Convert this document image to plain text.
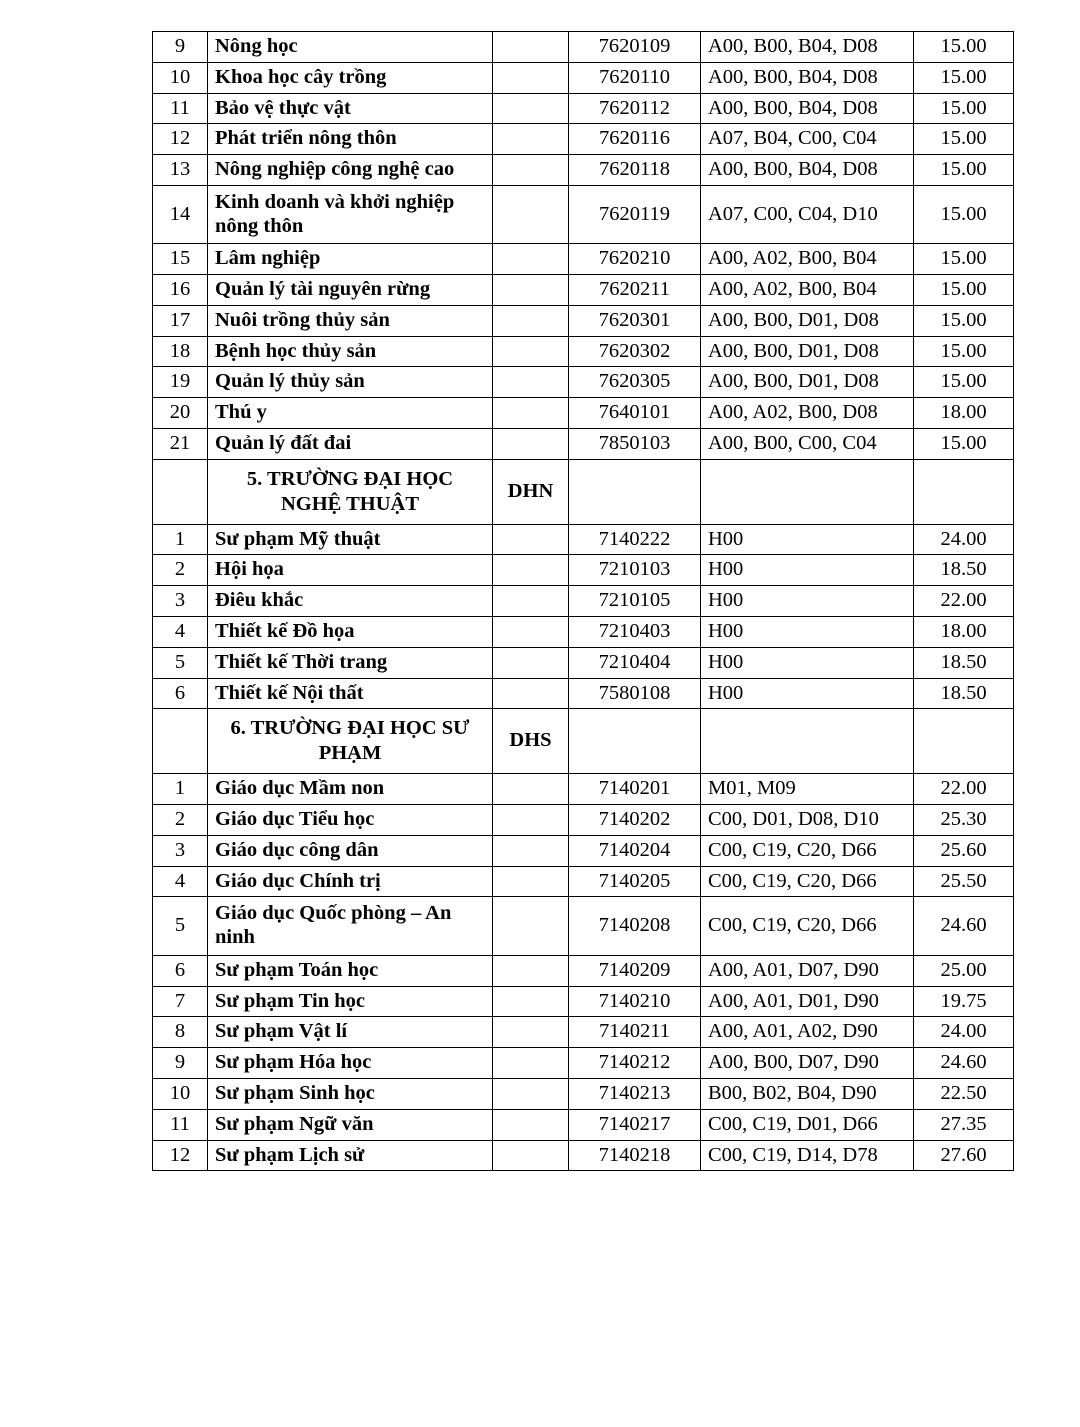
9	Nông học		7620109	A00, B00, B04, D08	15.00
10	Khoa học cây trồng		7620110	A00, B00, B04, D08	15.00
11	Bảo vệ thực vật		7620112	A00, B00, B04, D08	15.00
12	Phát triển nông thôn		7620116	A07, B04, C00, C04	15.00
13	Nông nghiệp công nghệ cao		7620118	A00, B00, B04, D08	15.00
14	Kinh doanh và khởi nghiệp nông thôn		7620119	A07, C00, C04, D10	15.00
15	Lâm nghiệp		7620210	A00, A02, B00, B04	15.00
16	Quản lý tài nguyên rừng		7620211	A00, A02, B00, B04	15.00
17	Nuôi trồng thủy sản		7620301	A00, B00, D01, D08	15.00
18	Bệnh học thủy sản		7620302	A00, B00, D01, D08	15.00
19	Quản lý thủy sản		7620305	A00, B00, D01, D08	15.00
20	Thú y		7640101	A00, A02, B00, D08	18.00
21	Quản lý đất đai		7850103	A00, B00, C00, C04	15.00
	5. TRƯỜNG ĐẠI HỌC NGHỆ THUẬT	DHN			
1	Sư phạm Mỹ thuật		7140222	H00	24.00
2	Hội họa		7210103	H00	18.50
3	Điêu khắc		7210105	H00	22.00
4	Thiết kế Đồ họa		7210403	H00	18.00
5	Thiết kế Thời trang		7210404	H00	18.50
6	Thiết kế Nội thất		7580108	H00	18.50
	6. TRƯỜNG ĐẠI HỌC SƯ PHẠM	DHS			
1	Giáo dục Mầm non		7140201	M01, M09	22.00
2	Giáo dục Tiểu học		7140202	C00, D01, D08, D10	25.30
3	Giáo dục công dân		7140204	C00, C19, C20, D66	25.60
4	Giáo dục Chính trị		7140205	C00, C19, C20, D66	25.50
5	Giáo dục Quốc phòng – An ninh		7140208	C00, C19, C20, D66	24.60
6	Sư phạm Toán học		7140209	A00, A01, D07, D90	25.00
7	Sư phạm Tin học		7140210	A00, A01, D01, D90	19.75
8	Sư phạm Vật lí		7140211	A00, A01, A02, D90	24.00
9	Sư phạm Hóa học		7140212	A00, B00, D07, D90	24.60
10	Sư phạm Sinh học		7140213	B00, B02, B04, D90	22.50
11	Sư phạm Ngữ văn		7140217	C00, C19, D01, D66	27.35
12	Sư phạm Lịch sử		7140218	C00, C19, D14, D78	27.60
